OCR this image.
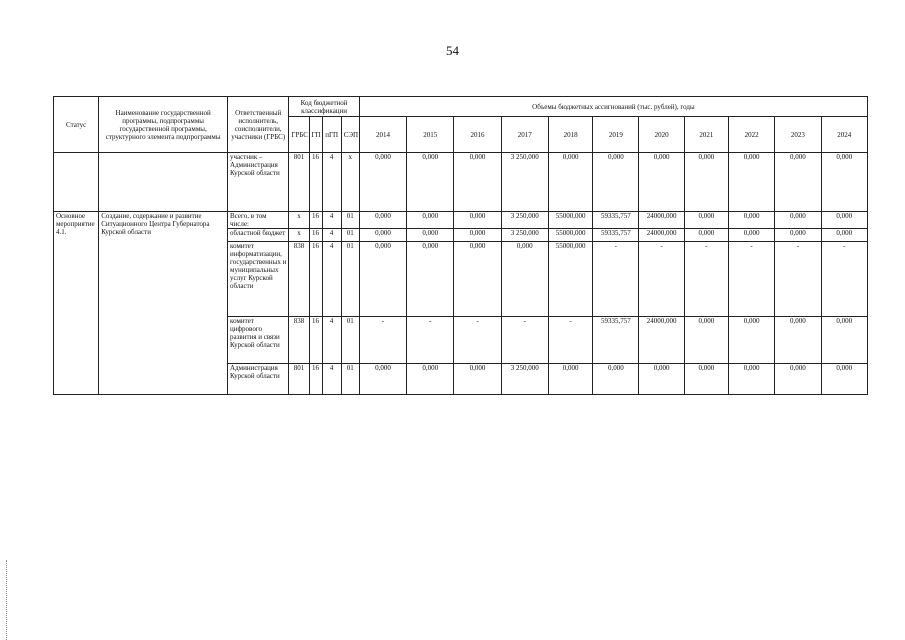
54
Статус	Наименование государственной программы, подпрограммы государственной программы, структурного элемента подпрограммы	Ответственный исполнитель, соисполнители, участники (ГРБС)	Код бюджетной классификации				Объемы бюджетных ассигнований (тыс. рублей), годы										
			ГРБС	ГП	пГП	СЭП	2014	2015	2016	2017	2018	2019	2020	2021	2022	2023	2024
		участник – Администрация Курской области	801	16	4	х	0,000	0,000	0,000	3 250,000	0,000	0,000	0,000	0,000	0,000	0,000	0,000
Основное мероприятие 4.1.	Создание, содержание и развитие Ситуационного Центра Губернатора Курской области	Всего, в том числе:	х	16	4	01	0,000	0,000	0,000	3 250,000	55000,000	59335,757	24000,000	0,000	0,000	0,000	0,000
		областной бюджет	х	16	4	01	0,000	0,000	0,000	3 250,000	55000,000	59335,757	24000,000	0,000	0,000	0,000	0,000
		комитет информатизации, государственных и муниципальных услуг Курской области	838	16	4	01	0,000	0,000	0,000	0,000	55000,000	-	-	-	-	-	-
		комитет цифрового развития и связи Курской области	838	16	4	01	-	-	-	-	-	59335,757	24000,000	0,000	0,000	0,000	0,000
		Администрация Курской области	801	16	4	01	0,000	0,000	0,000	3 250,000	0,000	0,000	0,000	0,000	0,000	0,000	0,000
